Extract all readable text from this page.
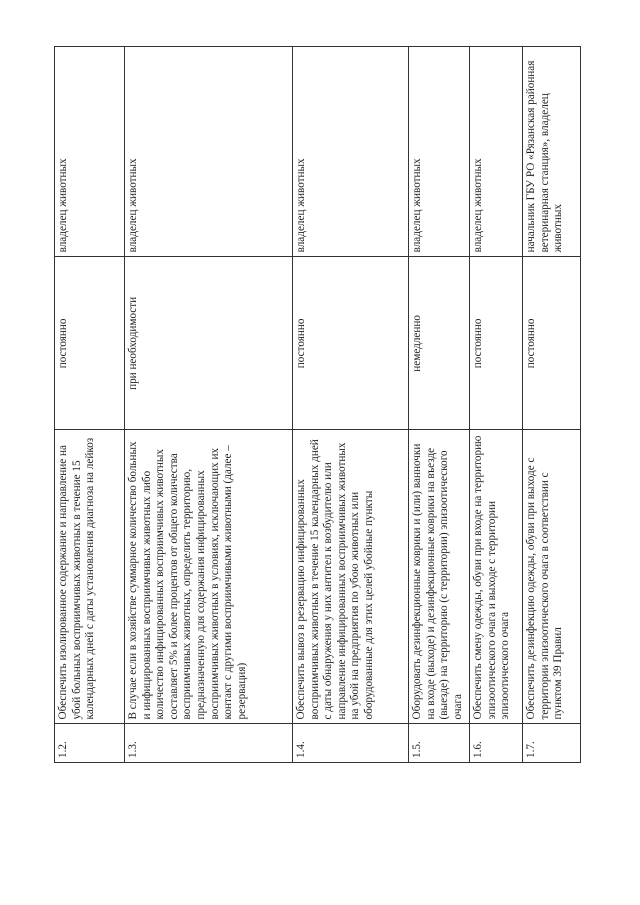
1.2.	Обеспечить изолированное содержание и направление на убой больных восприимчивых животных в течение 15 календарных дней с даты установления диагноза на лейкоз	постоянно	владелец животных
1.3.	В случае если в хозяйстве суммарное количество больных и инфицированных восприимчивых животных либо количество инфицированных восприимчивых животных составляет 5% и более процентов от общего количества восприимчивых животных, определить территорию, предназначенную для содержания инфицированных восприимчивых животных в условиях, исключающих их контакт с другими восприимчивыми животными (далее – резервация)	при необходимости	владелец животных
1.4.	Обеспечить вывоз в резервацию инфицированных восприимчивых животных в течение 15 календарных дней с даты обнаружения у них антител к возбудителю или направление инфицированных восприимчивых животных на убой на предприятия по убою животных или оборудованные для этих целей убойные пункты	постоянно	владелец животных
1.5.	Оборудовать дезинфекционные коврики и (или) ванночки на входе (выходе) и дезинфекционные коврики на въезде (выезде) на территорию (с территории) эпизоотического очага	немедленно	владелец животных
1.6.	Обеспечить смену одежды, обуви при входе на территорию эпизоотического очага и выходе с территории эпизоотического очага	постоянно	владелец животных
1.7.	Обеспечить дезинфекцию одежды, обуви при выходе с территории эпизоотического очага в соответствии с пунктом 39 Правил	постоянно	начальник ГБУ РО «Рязанская районная ветеринарная станция», владелец животных
